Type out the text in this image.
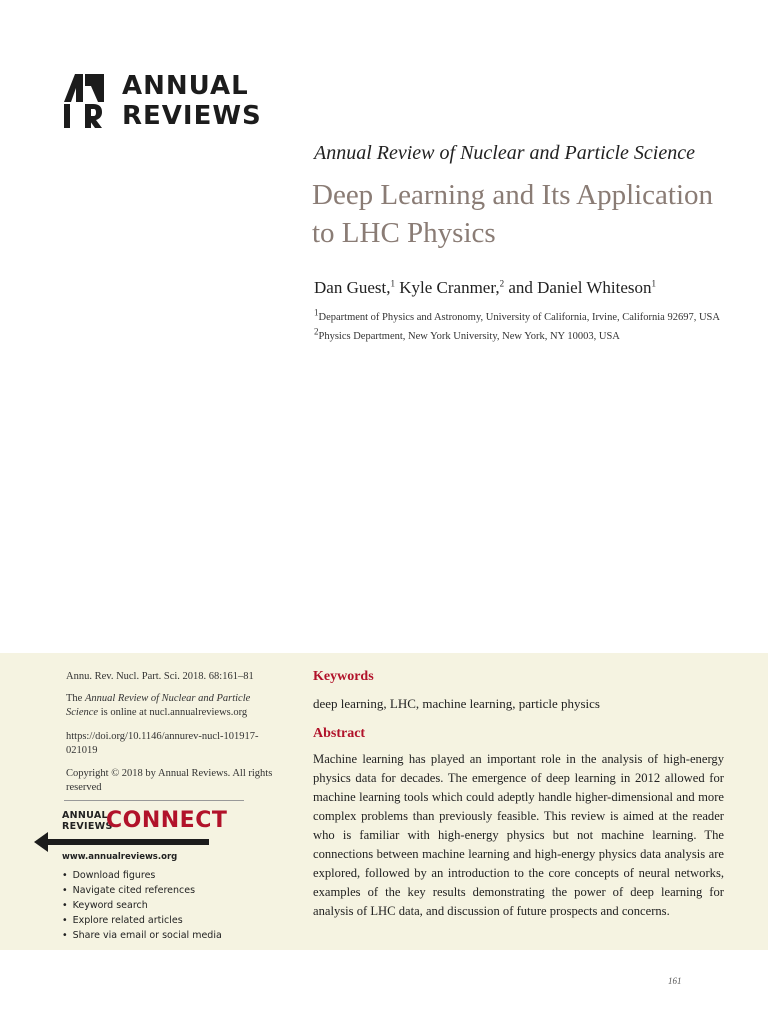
ANNUAL
REVIEWS
Annual Review of Nuclear and Particle Science
Deep Learning and Its Application to LHC Physics
Dan Guest,$^1$ Kyle Cranmer,$^2$ and Daniel Whiteson$^1$
$^1$Department of Physics and Astronomy, University of California, Irvine, California 92697, USA
$^2$Physics Department, New York University, New York, NY 10003, USA
Annu. Rev. Nucl. Part. Sci. 2018. 68:161–81
The Annual Review of Nuclear and Particle Science is online at nucl.annualreviews.org
https://doi.org/10.1146/annurev-nucl-101917-021019
Copyright © 2018 by Annual Reviews. All rights reserved
ANNUAL
REVIEWS
CONNECT
www.annualreviews.org
• Download figures
• Navigate cited references
• Keyword search
• Explore related articles
• Share via email or social media
Keywords
deep learning, LHC, machine learning, particle physics
Abstract
Machine learning has played an important role in the analysis of high-energy physics data for decades. The emergence of deep learning in 2012 allowed for machine learning tools which could adeptly handle higher-dimensional and more complex problems than previously feasible. This review is aimed at the reader who is familiar with high-energy physics but not machine learning. The connections between machine learning and high-energy physics data analysis are explored, followed by an introduction to the core concepts of neural networks, examples of the key results demonstrating the power of deep learning for analysis of LHC data, and discussion of future prospects and concerns.
161
